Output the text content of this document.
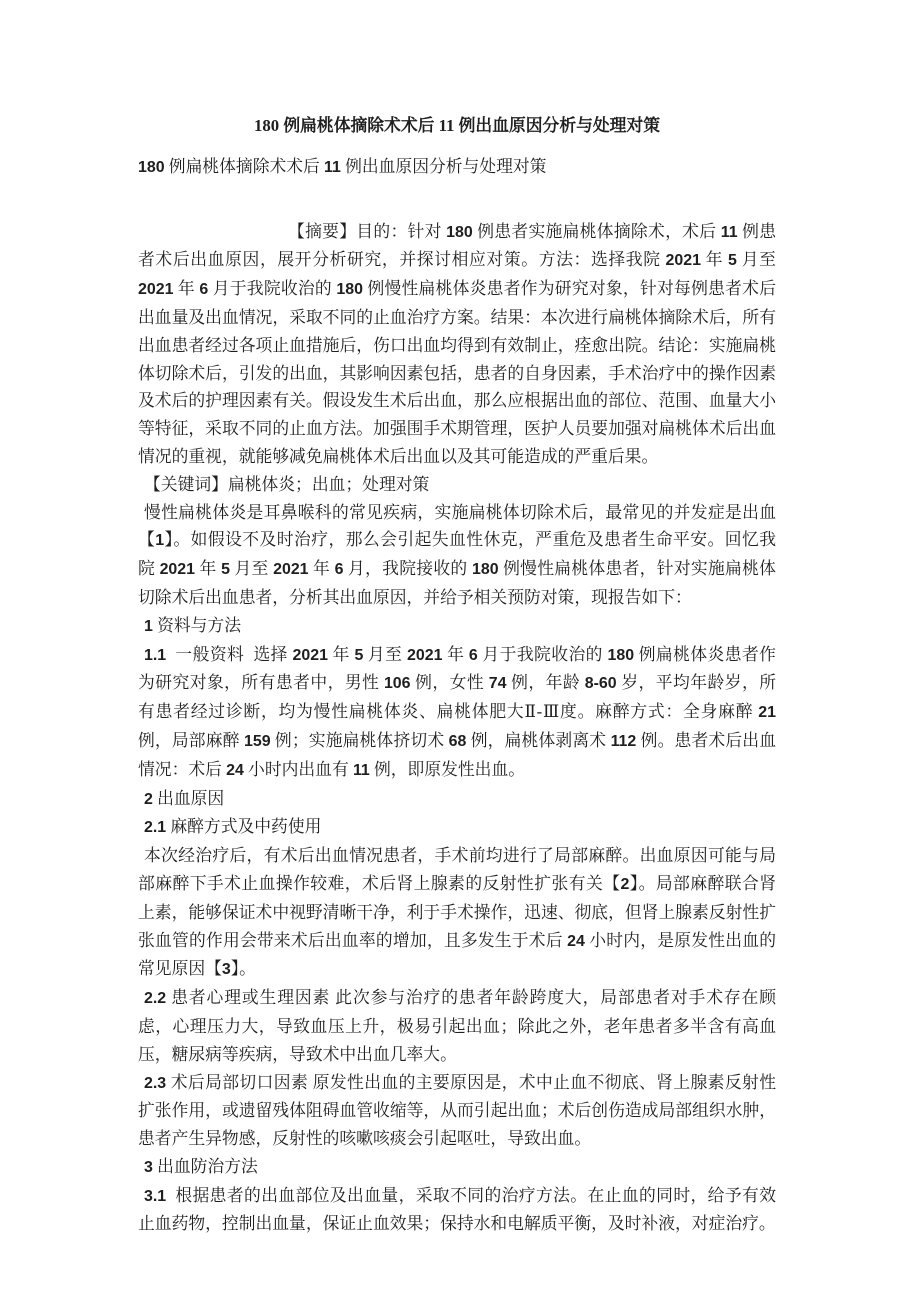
180 例扁桃体摘除术术后 11 例出血原因分析与处理对策

180 例扁桃体摘除术术后 11 例出血原因分析与处理对策

【摘要】目的：针对 180 例患者实施扁桃体摘除术，术后 11 例患者术后出血原因，展开分析研究，并探讨相应对策。方法：选择我院 2021 年 5 月至 2021 年 6 月于我院收治的 180 例慢性扁桃体炎患者作为研究对象，针对每例患者术后出血量及出血情况，采取不同的止血治疗方案。结果：本次进行扁桃体摘除术后，所有出血患者经过各项止血措施后，伤口出血均得到有效制止，痊愈出院。结论：实施扁桃体切除术后，引发的出血，其影响因素包括，患者的自身因素，手术治疗中的操作因素及术后的护理因素有关。假设发生术后出血，那么应根据出血的部位、范围、血量大小等特征，采取不同的止血方法。加强围手术期管理，医护人员要加强对扁桃体术后出血情况的重视，就能够减免扁桃体术后出血以及其可能造成的严重后果。

【关键词】扁桃体炎；出血；处理对策

慢性扁桃体炎是耳鼻喉科的常见疾病，实施扁桃体切除术后，最常见的并发症是出血【1】。如假设不及时治疗，那么会引起失血性休克，严重危及患者生命平安。回忆我院 2021 年 5 月至 2021 年 6 月，我院接收的 180 例慢性扁桃体患者，针对实施扁桃体切除术后出血患者，分析其出血原因，并给予相关预防对策，现报告如下：

1 资料与方法

1.1  一般资料  选择 2021 年 5 月至 2021 年 6 月于我院收治的 180 例扁桃体炎患者作为研究对象，所有患者中，男性 106 例，女性 74 例，年龄 8-60 岁，平均年龄岁，所有患者经过诊断，均为慢性扁桃体炎、扁桃体肥大Ⅱ-Ⅲ度。麻醉方式：全身麻醉 21 例，局部麻醉 159 例；实施扁桃体挤切术 68 例，扁桃体剥离术 112 例。患者术后出血情况：术后 24 小时内出血有 11 例，即原发性出血。

2 出血原因

2.1 麻醉方式及中药使用

本次经治疗后，有术后出血情况患者，手术前均进行了局部麻醉。出血原因可能与局部麻醉下手术止血操作较难，术后肾上腺素的反射性扩张有关【2】。局部麻醉联合肾上素，能够保证术中视野清晰干净，利于手术操作，迅速、彻底，但肾上腺素反射性扩张血管的作用会带来术后出血率的增加，且多发生于术后 24 小时内，是原发性出血的常见原因【3】。

2.2 患者心理或生理因素 此次参与治疗的患者年龄跨度大，局部患者对手术存在顾虑，心理压力大，导致血压上升，极易引起出血；除此之外，老年患者多半含有高血压，糖尿病等疾病，导致术中出血几率大。

2.3 术后局部切口因素 原发性出血的主要原因是，术中止血不彻底、肾上腺素反射性扩张作用，或遗留残体阻碍血管收缩等，从而引起出血；术后创伤造成局部组织水肿，患者产生异物感，反射性的咳嗽咳痰会引起呕吐，导致出血。

3 出血防治方法

3.1  根据患者的出血部位及出血量，采取不同的治疗方法。在止血的同时，给予有效止血药物，控制出血量，保证止血效果；保持水和电解质平衡，及时补液，对症治疗。
